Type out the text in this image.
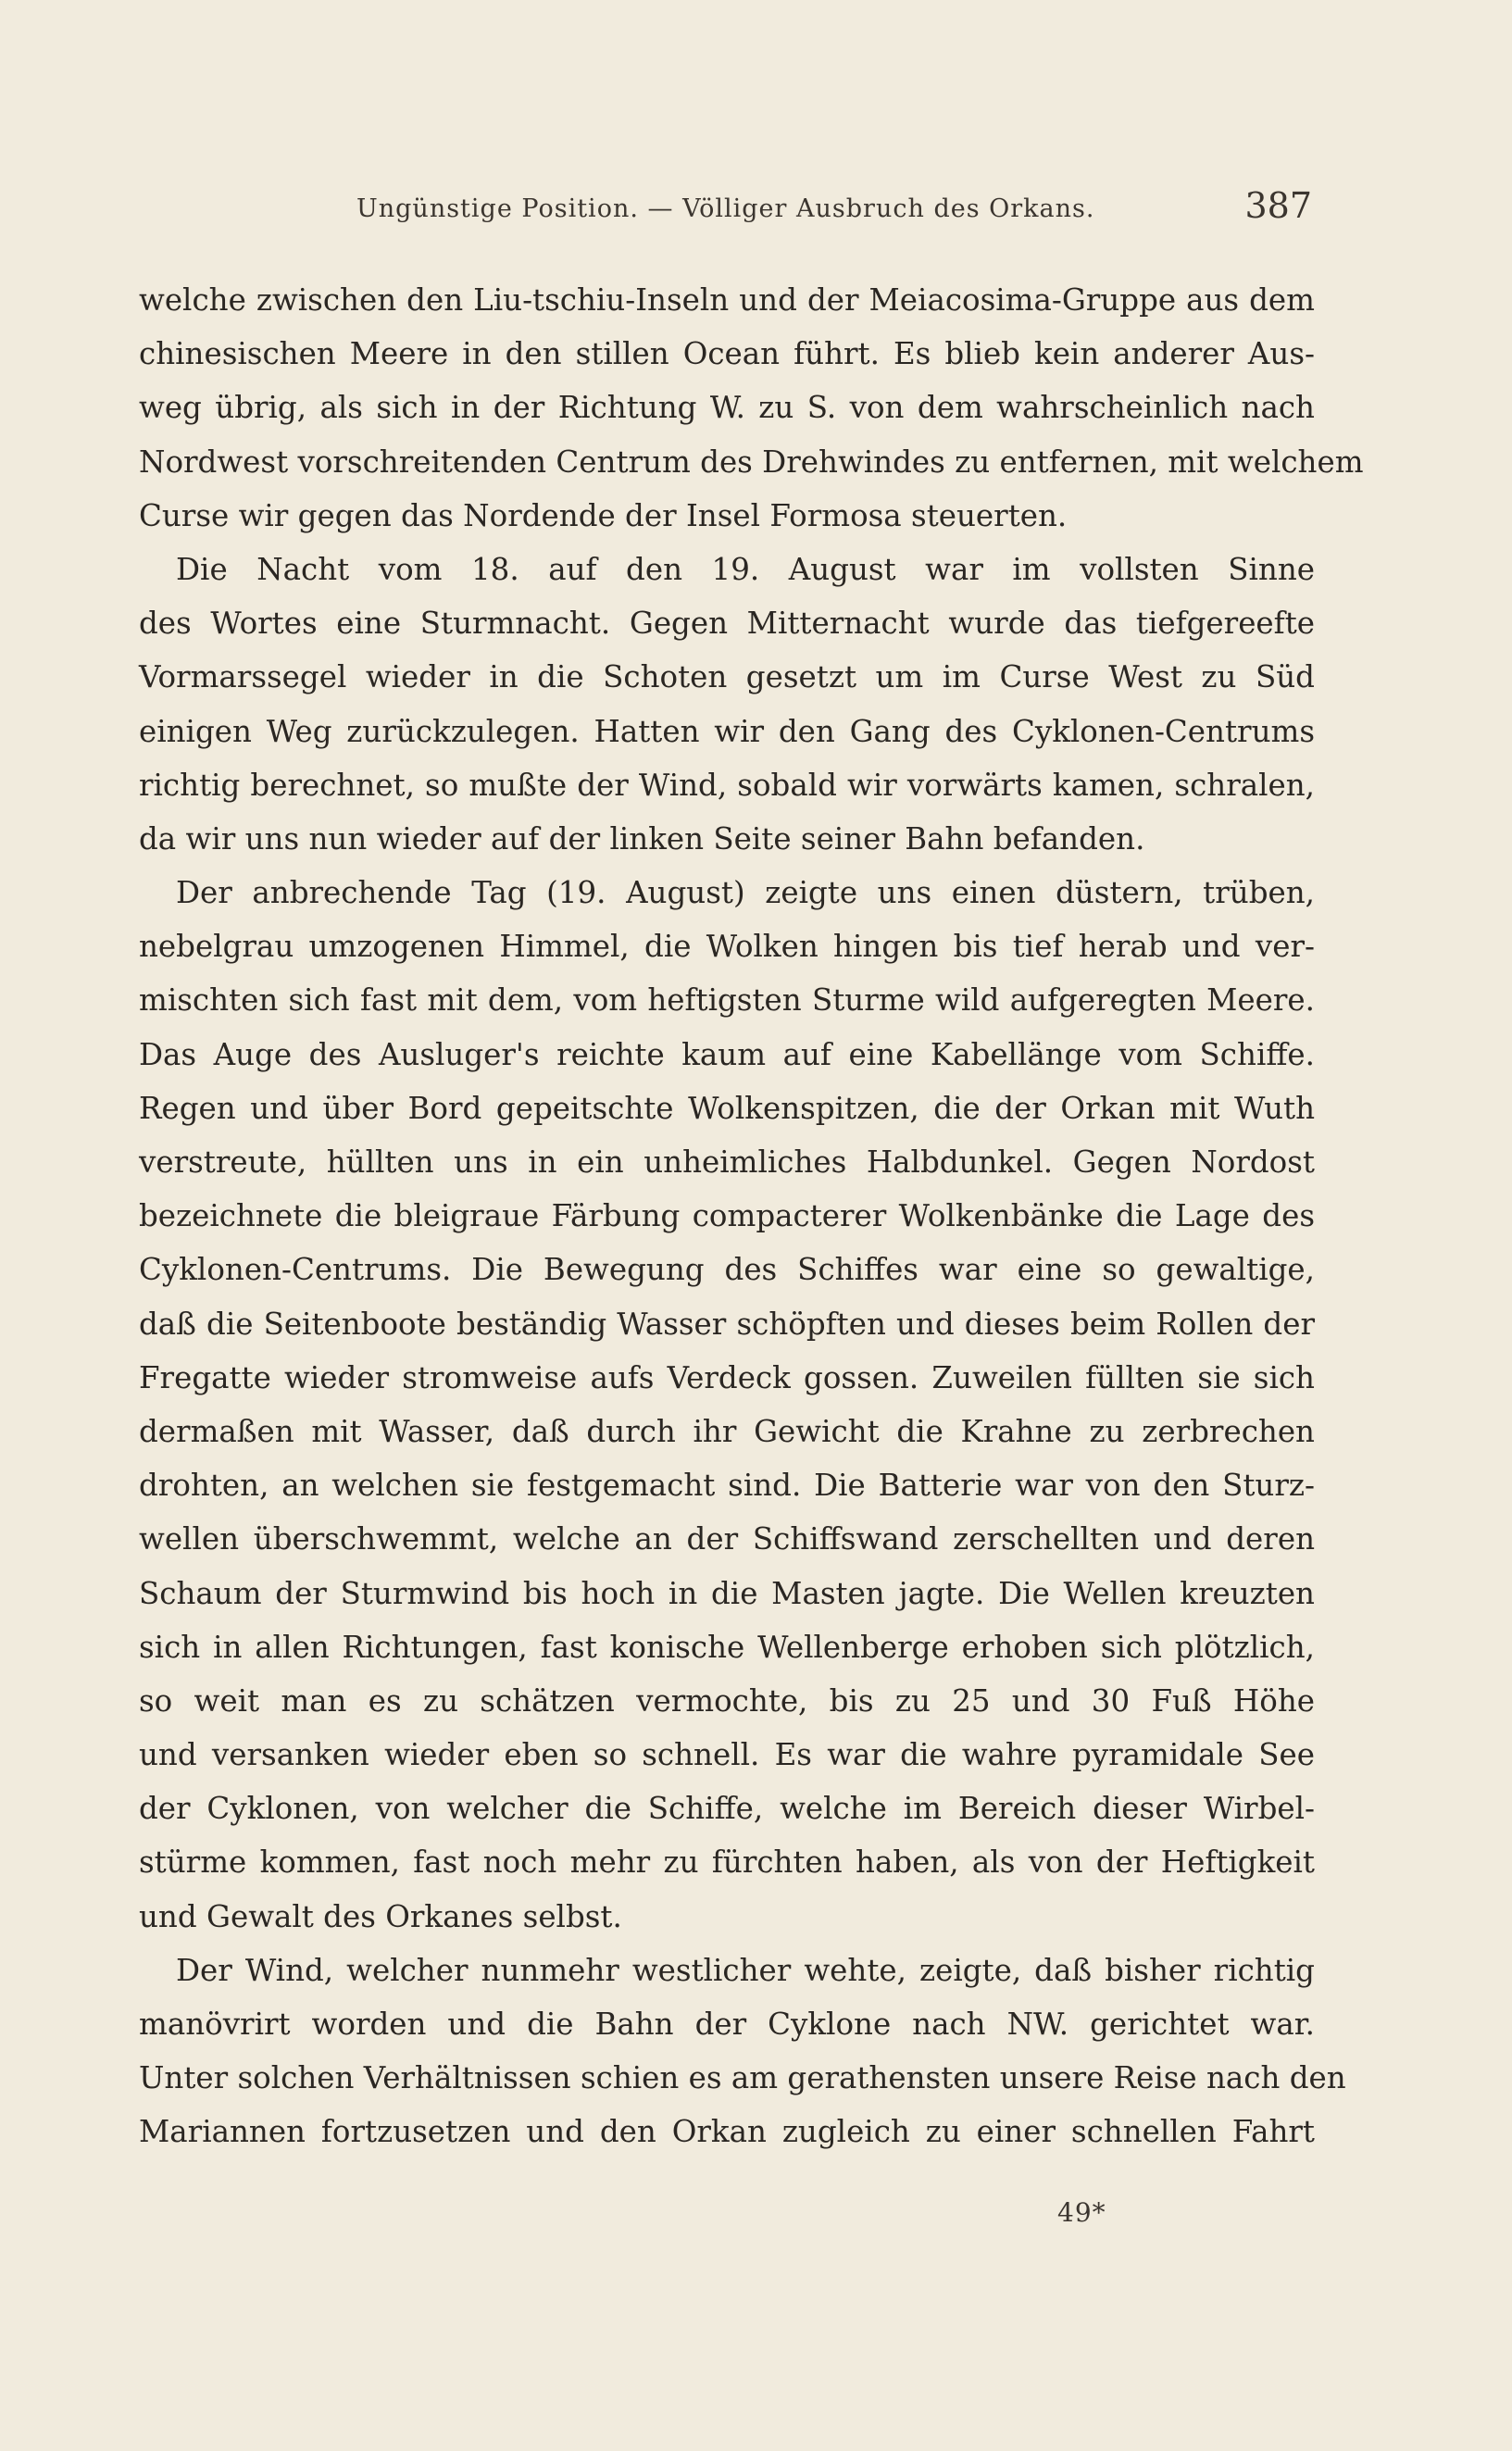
Ungünstige Position. — Völliger Ausbruch des Orkans.	387
welche zwischen den Liu-tschiu-Inseln und der Meiacosima-Gruppe aus dem
chinesischen Meere in den stillen Ocean führt. Es blieb kein anderer Aus-
weg übrig, als sich in der Richtung W. zu S. von dem wahrscheinlich nach
Nordwest vorschreitenden Centrum des Drehwindes zu entfernen, mit welchem
Curse wir gegen das Nordende der Insel Formosa steuerten.
Die Nacht vom 18. auf den 19. August war im vollsten Sinne
des Wortes eine Sturmnacht. Gegen Mitternacht wurde das tiefgereefte
Vormarssegel wieder in die Schoten gesetzt um im Curse West zu Süd
einigen Weg zurückzulegen. Hatten wir den Gang des Cyklonen-Centrums
richtig berechnet, so mußte der Wind, sobald wir vorwärts kamen, schralen,
da wir uns nun wieder auf der linken Seite seiner Bahn befanden.
Der anbrechende Tag (19. August) zeigte uns einen düstern, trüben,
nebelgrau umzogenen Himmel, die Wolken hingen bis tief herab und ver-
mischten sich fast mit dem, vom heftigsten Sturme wild aufgeregten Meere.
Das Auge des Ausluger's reichte kaum auf eine Kabellänge vom Schiffe.
Regen und über Bord gepeitschte Wolkenspitzen, die der Orkan mit Wuth
verstreute, hüllten uns in ein unheimliches Halbdunkel. Gegen Nordost
bezeichnete die bleigraue Färbung compacterer Wolkenbänke die Lage des
Cyklonen-Centrums. Die Bewegung des Schiffes war eine so gewaltige,
daß die Seitenboote beständig Wasser schöpften und dieses beim Rollen der
Fregatte wieder stromweise aufs Verdeck gossen. Zuweilen füllten sie sich
dermaßen mit Wasser, daß durch ihr Gewicht die Krahne zu zerbrechen
drohten, an welchen sie festgemacht sind. Die Batterie war von den Sturz-
wellen überschwemmt, welche an der Schiffswand zerschellten und deren
Schaum der Sturmwind bis hoch in die Masten jagte. Die Wellen kreuzten
sich in allen Richtungen, fast konische Wellenberge erhoben sich plötzlich,
so weit man es zu schätzen vermochte, bis zu 25 und 30 Fuß Höhe
und versanken wieder eben so schnell. Es war die wahre pyramidale See
der Cyklonen, von welcher die Schiffe, welche im Bereich dieser Wirbel-
stürme kommen, fast noch mehr zu fürchten haben, als von der Heftigkeit
und Gewalt des Orkanes selbst.
Der Wind, welcher nunmehr westlicher wehte, zeigte, daß bisher richtig
manövrirt worden und die Bahn der Cyklone nach NW. gerichtet war.
Unter solchen Verhältnissen schien es am gerathensten unsere Reise nach den
Mariannen fortzusetzen und den Orkan zugleich zu einer schnellen Fahrt
49*
